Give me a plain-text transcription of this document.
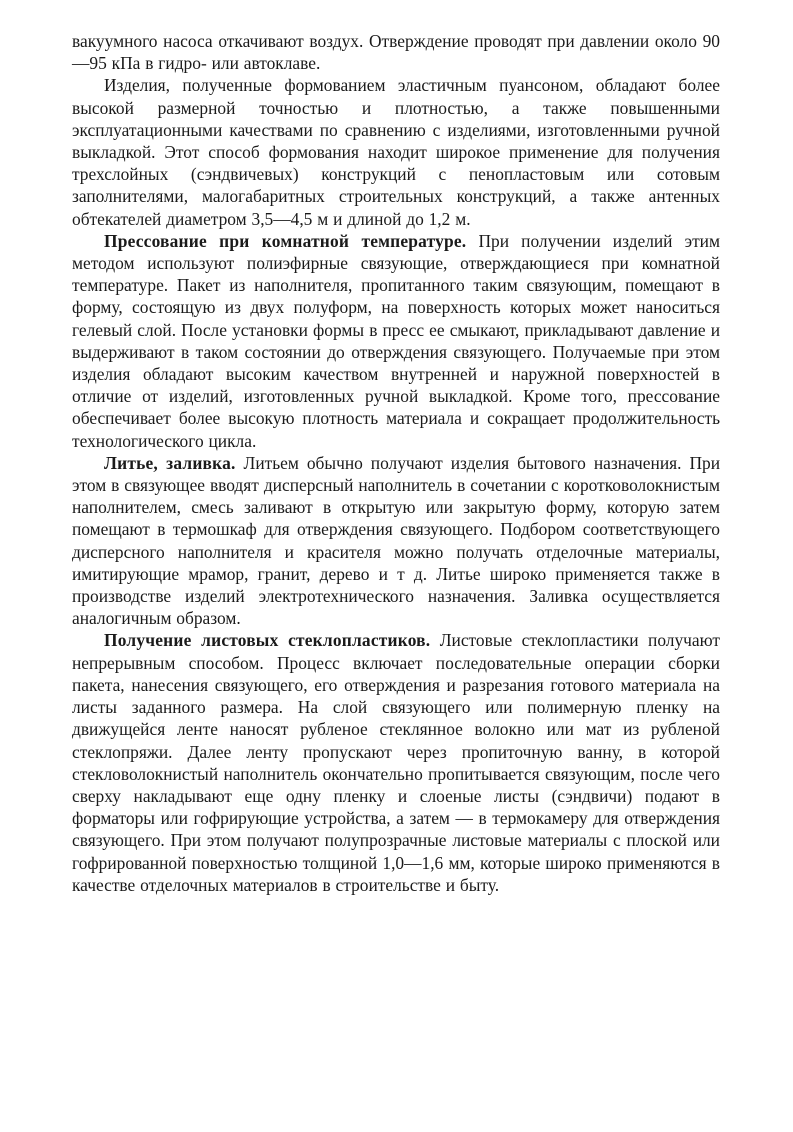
вакуумного насоса откачивают воздух. Отверждение проводят при давлении около 90—95 кПа в гидро- или автоклаве.

Изделия, полученные формованием эластичным пуансоном, обладают более высокой размерной точностью и плотностью, а также повышенными эксплуатационными качествами по сравнению с изделиями, изготовленными ручной выкладкой. Этот способ формования находит широкое применение для получения трехслойных (сэндвичевых) конструкций с пенопластовым или сотовым заполнителями, малогабаритных строительных конструкций, а также антенных обтекателей диаметром 3,5—4,5 м и длиной до 1,2 м.

Прессование при комнатной температуре. При получении изделий этим методом используют полиэфирные связующие, отверждающиеся при комнатной температуре. Пакет из наполнителя, пропитанного таким связующим, помещают в форму, состоящую из двух полуформ, на поверхность которых может наноситься гелевый слой. После установки формы в пресс ее смыкают, прикладывают давление и выдерживают в таком состоянии до отверждения связующего. Получаемые при этом изделия обладают высоким качеством внутренней и наружной поверхностей в отличие от изделий, изготовленных ручной выкладкой. Кроме того, прессование обеспечивает более высокую плотность материала и сокращает продолжительность технологического цикла.

Литье, заливка. Литьем обычно получают изделия бытового назначения. При этом в связующее вводят дисперсный наполнитель в сочетании с коротковолокнистым наполнителем, смесь заливают в открытую или закрытую форму, которую затем помещают в термошкаф для отверждения связующего. Подбором соответствующего дисперсного наполнителя и красителя можно получать отделочные материалы, имитирующие мрамор, гранит, дерево и т д. Литье широко применяется также в производстве изделий электротехнического назначения. Заливка осуществляется аналогичным образом.

Получение листовых стеклопластиков. Листовые стеклопластики получают непрерывным способом. Процесс включает последовательные операции сборки пакета, нанесения связующего, его отверждения и разрезания готового материала на листы заданного размера. На слой связующего или полимерную пленку на движущейся ленте наносят рубленое стеклянное волокно или мат из рубленой стеклопряжи. Далее ленту пропускают через пропиточную ванну, в которой стекловолокнистый наполнитель окончательно пропитывается связующим, после чего сверху накладывают еще одну пленку и слоеные листы (сэндвичи) подают в форматоры или гофрирующие устройства, а затем — в термокамеру для отверждения связующего. При этом получают полупрозрачные листовые материалы с плоской или гофрированной поверхностью толщиной 1,0—1,6 мм, которые широко применяются в качестве отделочных материалов в строительстве и быту.
